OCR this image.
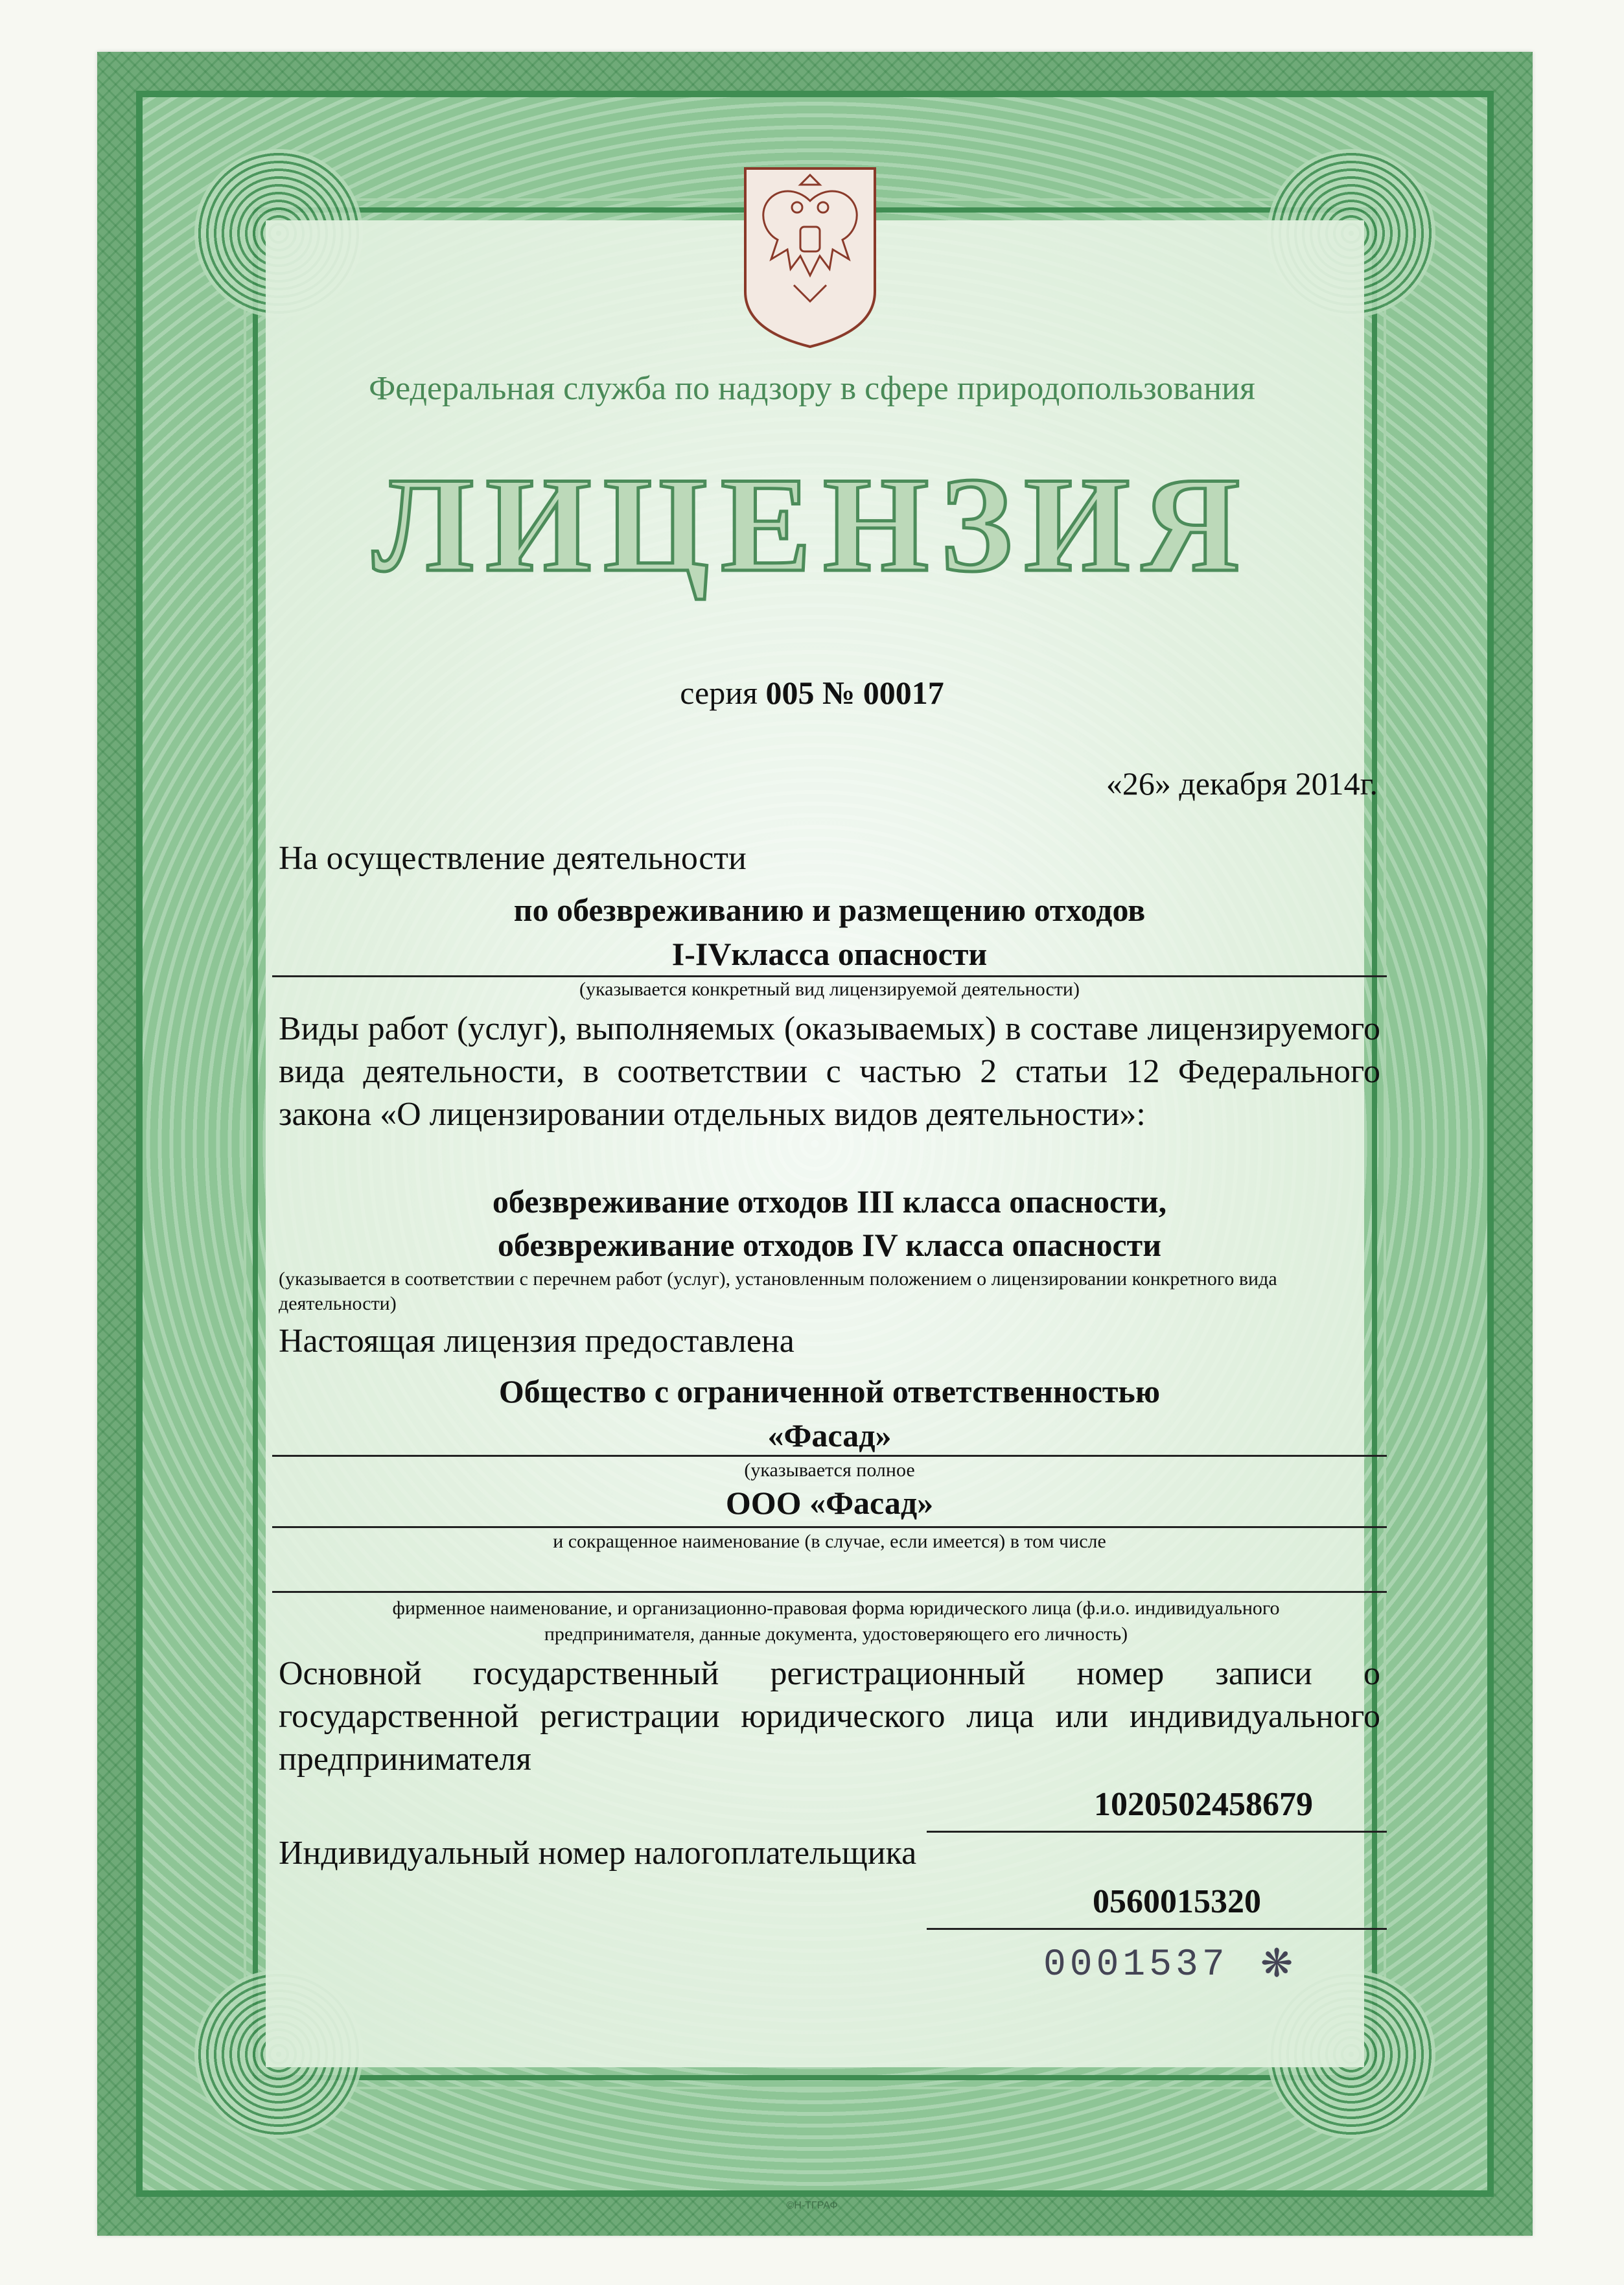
Федеральная служба по надзору в сфере природопользования
ЛИЦЕНЗИЯ
серия 005 № 00017
«26» декабря 2014г.
На осуществление деятельности
по обезвреживанию и размещению отходов
I-IVкласса опасности
(указывается конкретный вид лицензируемой деятельности)
Виды работ (услуг), выполняемых (оказываемых) в составе лицензируемого вида деятельности, в соответствии с частью 2 статьи 12 Федерального закона «О лицензировании отдельных видов деятельности»:
обезвреживание отходов III класса опасности,
обезвреживание отходов IV класса опасности
(указывается в соответствии с перечнем работ (услуг), установленным положением о лицензировании конкретного вида деятельности)
Настоящая лицензия предоставлена
Общество с ограниченной ответственностью
«Фасад»
(указывается полное
ООО «Фасад»
и сокращенное наименование (в случае, если имеется) в том числе
фирменное наименование, и организационно-правовая форма юридического лица (ф.и.о. индивидуального предпринимателя, данные документа, удостоверяющего его личность)
Основной государственный регистрационный номер записи о государственной регистрации юридического лица или индивидуального предпринимателя
1020502458679
Индивидуальный номер налогоплательщика
0560015320
0001537 ❋
©Н-ТГРАФ
